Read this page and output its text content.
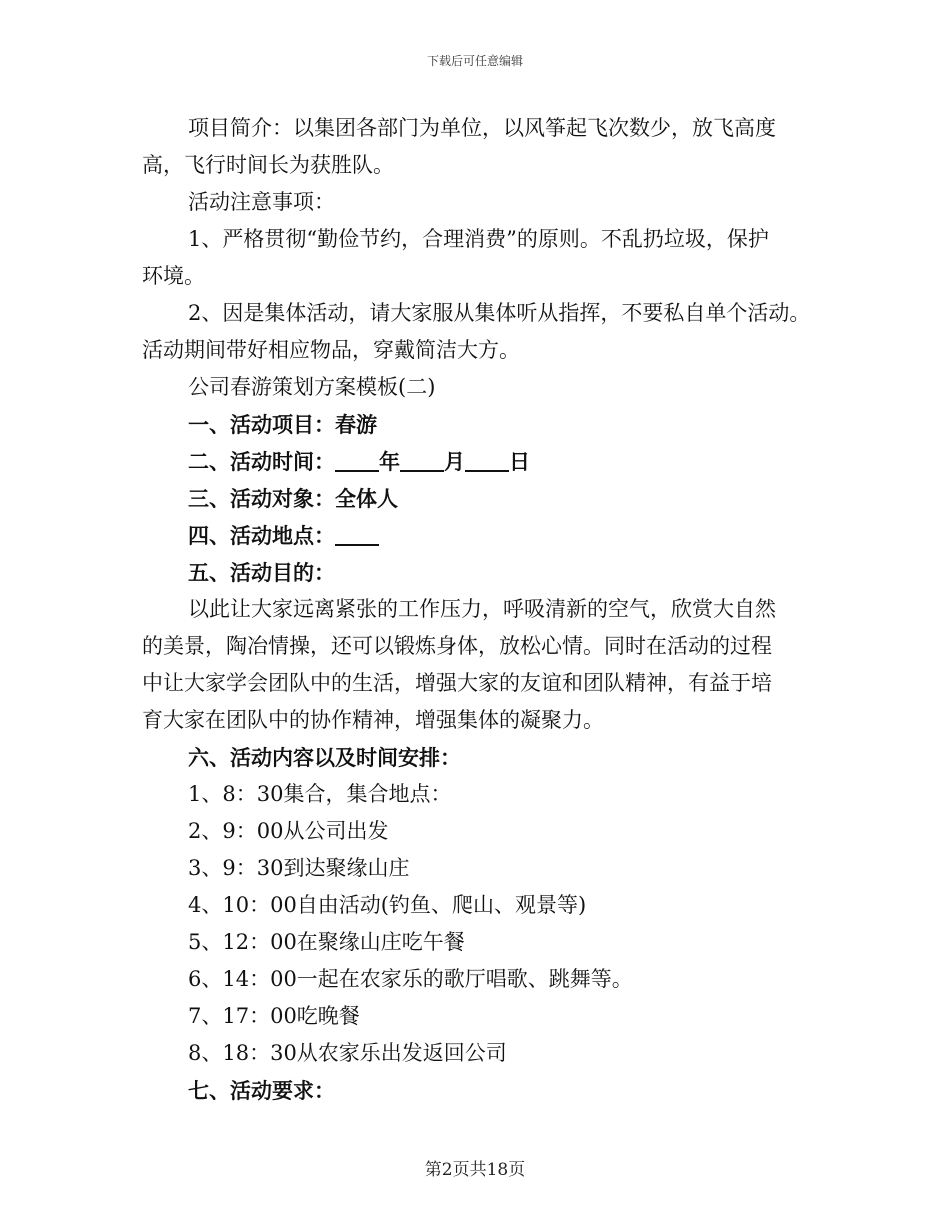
下载后可任意编辑
项目简介：以集团各部门为单位，以风筝起飞次数少，放飞高度
高，飞行时间长为获胜队。
活动注意事项：
1、严格贯彻“勤俭节约，合理消费”的原则。不乱扔垃圾，保护
环境。
2、因是集体活动，请大家服从集体听从指挥，不要私自单个活动。
活动期间带好相应物品，穿戴简洁大方。
公司春游策划方案模板(二)
一、活动项目：春游
二、活动时间： 年 月 日
三、活动对象：全体人
四、活动地点：
五、活动目的：
以此让大家远离紧张的工作压力，呼吸清新的空气，欣赏大自然
的美景，陶冶情操，还可以锻炼身体，放松心情。同时在活动的过程
中让大家学会团队中的生活，增强大家的友谊和团队精神，有益于培
育大家在团队中的协作精神，增强集体的凝聚力。
六、活动内容以及时间安排：
1、8：30集合，集合地点：
2、9：00从公司出发
3、9：30到达聚缘山庄
4、10：00自由活动(钓鱼、爬山、观景等)
5、12：00在聚缘山庄吃午餐
6、14：00一起在农家乐的歌厅唱歌、跳舞等。
7、17：00吃晚餐
8、18：30从农家乐出发返回公司
七、活动要求：
第2页共18页
